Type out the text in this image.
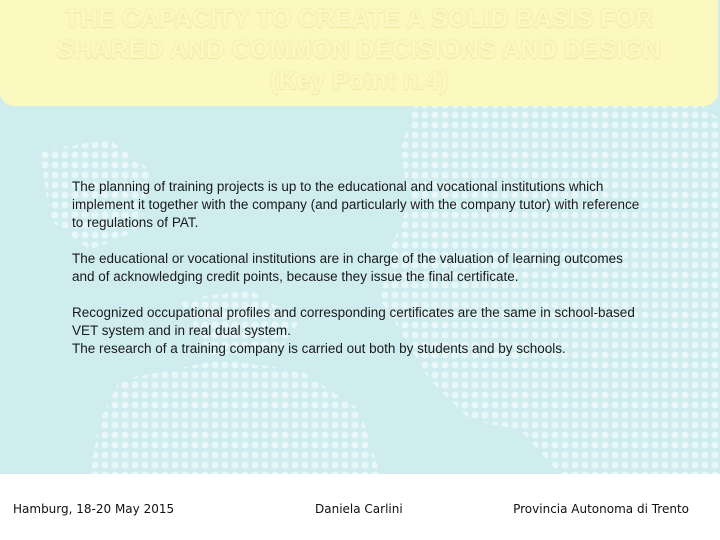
THE CAPACITY TO CREATE A SOLID BASIS FOR
SHARED AND COMMON DECISIONS AND DESIGN
(Key Point n.4)

The planning of training projects is up to the educational and vocational institutions which implement it together with the company (and particularly with the company tutor) with reference to regulations of PAT.

The educational or vocational institutions are in charge of the valuation of learning outcomes and of acknowledging credit points, because they issue the final certificate.

Recognized occupational profiles and corresponding certificates are the same in school-based VET system and in real dual system.

The research of a training company is carried out both by students and by schools.

Hamburg, 18-20 May 2015	Daniela Carlini	Provincia Autonoma di Trento
